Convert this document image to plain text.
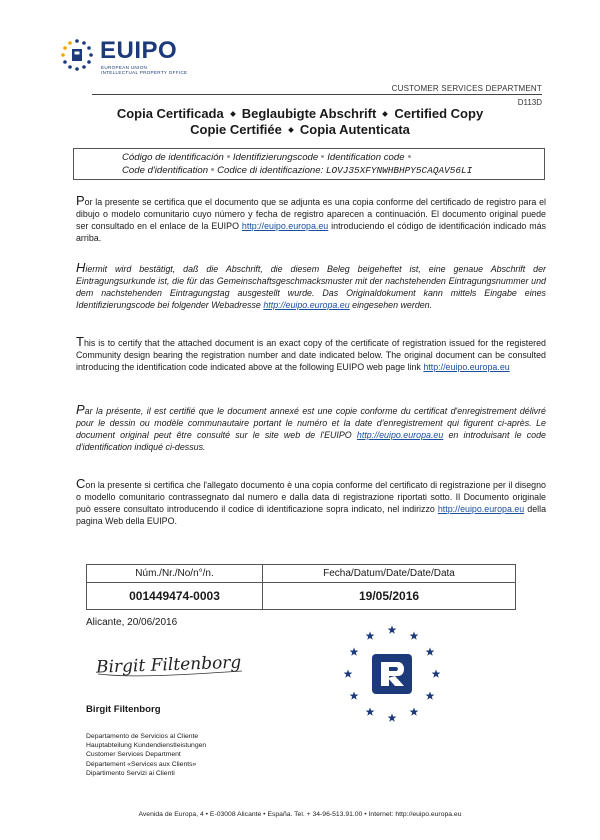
EUIPO
EUROPEAN UNION
INTELLECTUAL PROPERTY OFFICE
CUSTOMER SERVICES DEPARTMENT
D113D
Copia Certificada Beglaubigte Abschrift Certified Copy
Copie Certifiée Copia Autenticata
Código de identificación Identifizierungscode Identification code
Code d'identification Codice di identificazione: LOVJ35XFYNWHBHPY5CAQAV56LI
Por la presente se certifica que el documento que se adjunta es una copia conforme del certificado de registro para el dibujo o modelo comunitario cuyo número y fecha de registro aparecen a continuación. El documento original puede ser consultado en el enlace de la EUIPO http://euipo.europa.eu introduciendo el código de identificación indicado más arriba.
Hiermit wird bestätigt, daß die Abschrift, die diesem Beleg beigeheftet ist, eine genaue Abschrift der Eintragungsurkunde ist, die für das Gemeinschaftsgeschmacksmuster mit der nachstehenden Eintragungsnummer und dem nachstehenden Eintragungstag ausgestellt wurde. Das Originaldokument kann mittels Eingabe eines Identifizierungscode bei folgender Webadresse http://euipo.europa.eu eingesehen werden.
This is to certify that the attached document is an exact copy of the certificate of registration issued for the registered Community design bearing the registration number and date indicated below. The original document can be consulted introducing the identification code indicated above at the following EUIPO web page link http://euipo.europa.eu
Par la présente, il est certifié que le document annexé est une copie conforme du certificat d'enregistrement délivré pour le dessin ou modèle communautaire portant le numéro et la date d'enregistrement qui figurent ci-après. Le document original peut être consulté sur le site web de l'EUIPO http://euipo.europa.eu en introduisant le code d'identification indiqué ci-dessus.
Con la presente si certifica che l'allegato documento è una copia conforme del certificato di registrazione per il disegno o modello comunitario contrassegnato dal numero e dalla data di registrazione riportati sotto. Il Documento originale può essere consultato introducendo il codice di identificazione sopra indicato, nel indirizzo http://euipo.europa.eu della pagina Web della EUIPO.
Núm./Nr./No/n°/n.	Fecha/Datum/Date/Date/Data
001449474-0003	19/05/2016
Alicante, 20/06/2016
Birgit Filtenborg
Birgit Filtenborg
Departamento de Servicios al Cliente
Hauptabteilung Kundendienstleistungen
Customer Services Department
Département «Services aux Clients»
Dipartimento Servizi ai Clienti
Avenida de Europa, 4 • E-03008 Alicante • España. Tel. + 34-96-513.91.00 • Internet: http://euipo.europa.eu
